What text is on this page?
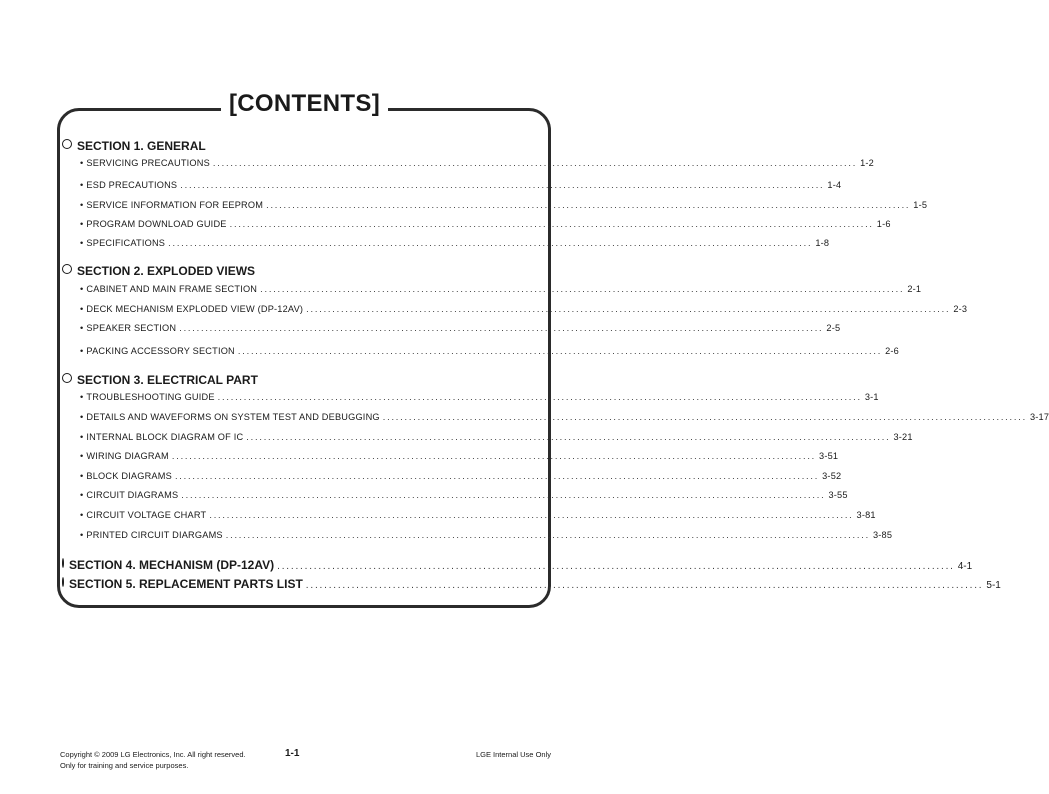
[CONTENTS]
SECTION 1. GENERAL
• SERVICING PRECAUTIONS .................................................................................................................................................... 1-2
• ESD PRECAUTIONS .................................................................................................................................................... 1-4
• SERVICE INFORMATION FOR EEPROM .................................................................................................................................................... 1-5
• PROGRAM DOWNLOAD GUIDE .................................................................................................................................................... 1-6
• SPECIFICATIONS .................................................................................................................................................... 1-8
SECTION 2. EXPLODED VIEWS
• CABINET AND MAIN FRAME SECTION .................................................................................................................................................... 2-1
• DECK MECHANISM EXPLODED VIEW (DP-12AV) .................................................................................................................................................... 2-3
• SPEAKER SECTION .................................................................................................................................................... 2-5
• PACKING ACCESSORY SECTION .................................................................................................................................................... 2-6
SECTION 3. ELECTRICAL PART
• TROUBLESHOOTING GUIDE .................................................................................................................................................... 3-1
• DETAILS AND WAVEFORMS ON SYSTEM TEST AND DEBUGGING .................................................................................................................................................... 3-17
• INTERNAL BLOCK DIAGRAM OF IC .................................................................................................................................................... 3-21
• WIRING DIAGRAM .................................................................................................................................................... 3-51
• BLOCK DIAGRAMS .................................................................................................................................................... 3-52
• CIRCUIT DIAGRAMS .................................................................................................................................................... 3-55
• CIRCUIT VOLTAGE CHART .................................................................................................................................................... 3-81
• PRINTED CIRCUIT DIARGAMS .................................................................................................................................................... 3-85
SECTION 4. MECHANISM (DP-12AV) .................................................................................................................................................... 4-1
SECTION 5. REPLACEMENT PARTS LIST .................................................................................................................................................... 5-1
Copyright © 2009 LG Electronics, Inc. All right reserved.
Only for training and service purposes.
1-1	LGE Internal Use Only
